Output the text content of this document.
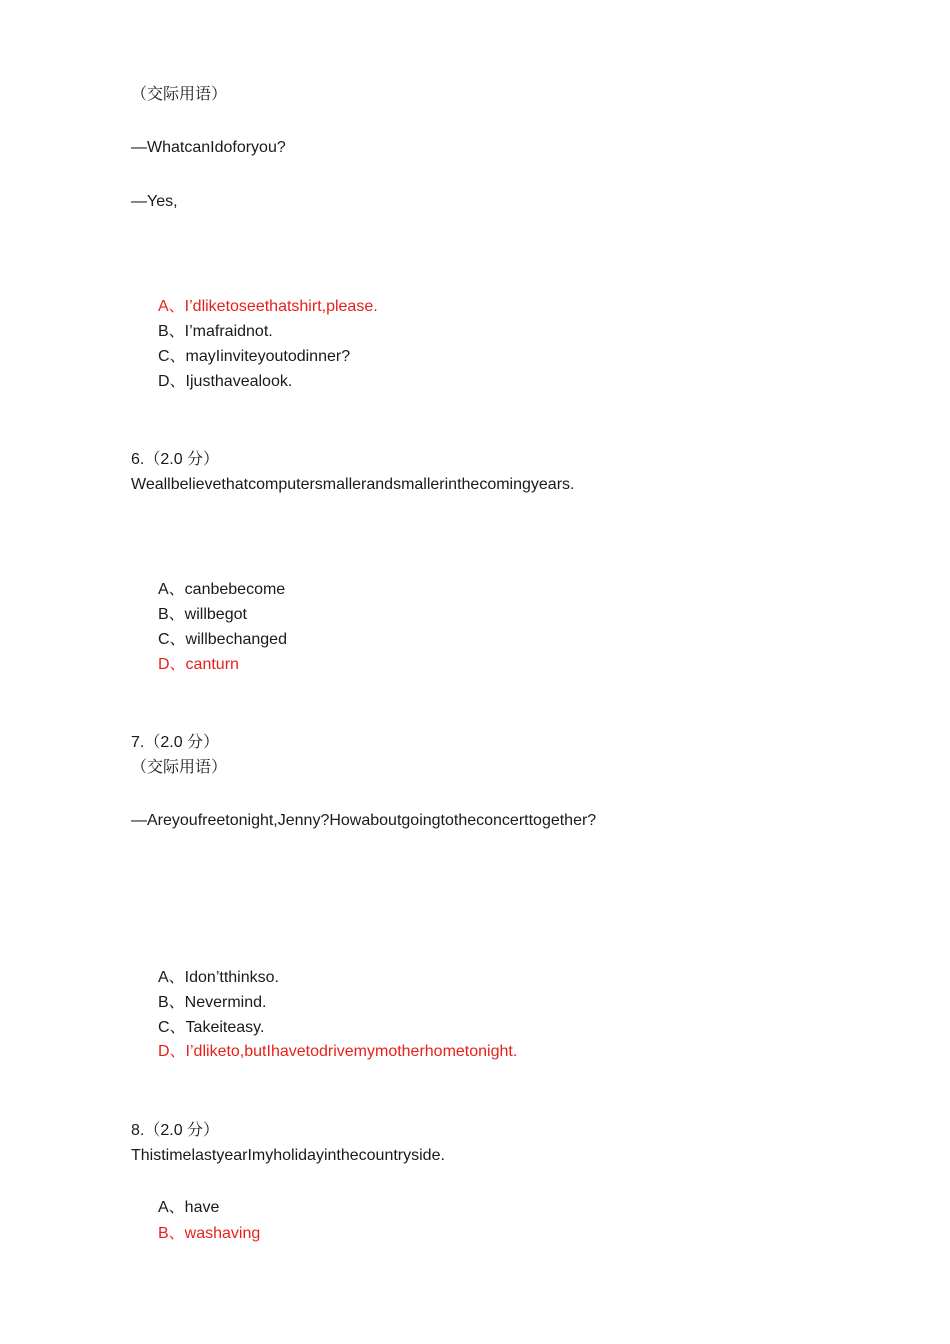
（交际用语）
—WhatcanIdoforyou?
—Yes,
A、I’dliketoseethatshirt,please.
B、I’mafraidnot.
C、mayIinviteyoutodinner?
D、Ijusthavealook.
6.（2.0 分）
Weallbelievethatcomputersmallerandsmallerinthecomingyears.
A、canbebecome
B、willbegot
C、willbechanged
D、canturn
7.（2.0 分）
（交际用语）
—Areyoufreetonight,Jenny?Howaboutgoingtotheconcerttogether?
A、Idon’tthinkso.
B、Nevermind.
C、Takeiteasy.
D、I’dliketo,butIhavetodrivemymotherhometonight.
8.（2.0 分）
ThistimelastyearImyholidayinthecountryside.
A、have
B、washaving
